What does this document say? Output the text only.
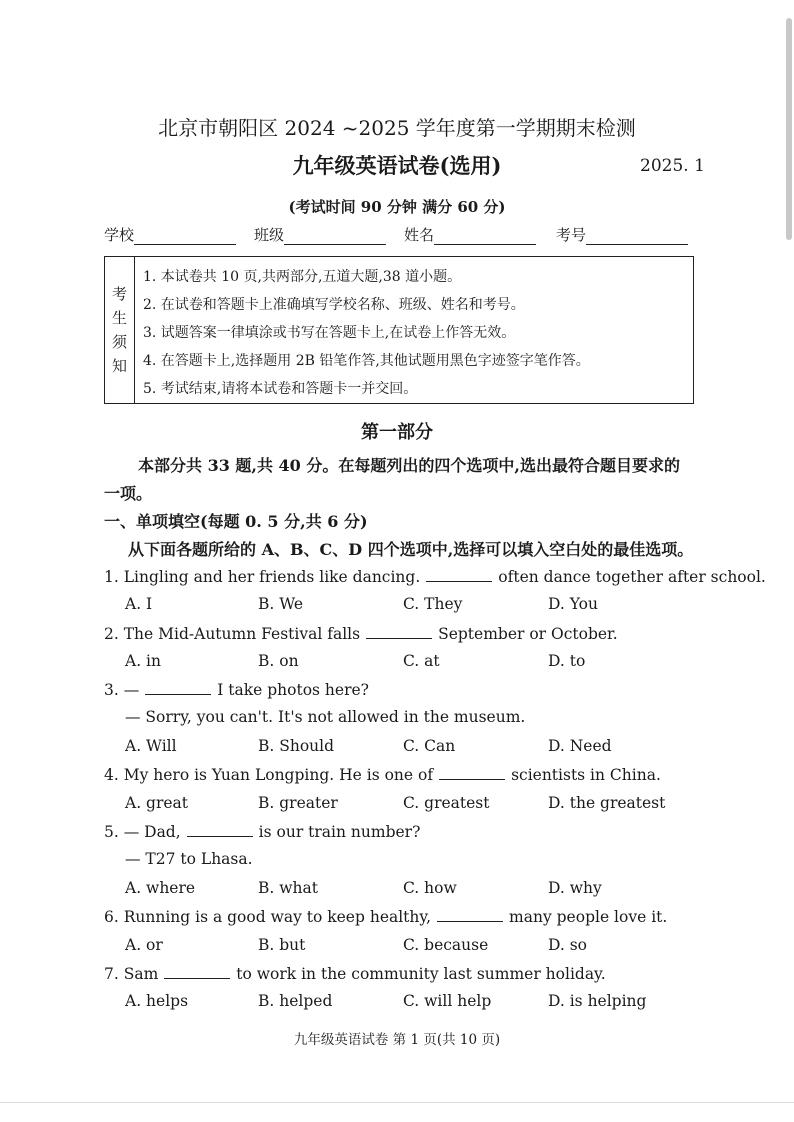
北京市朝阳区 2024 ~2025 学年度第一学期期末检测
九年级英语试卷(选用)	2025. 1
(考试时间 90 分钟 满分 60 分)
学校	班级	姓名	考号
考
生
须
知
1. 本试卷共 10 页,共两部分,五道大题,38 道小题。
2. 在试卷和答题卡上准确填写学校名称、班级、姓名和考号。
3. 试题答案一律填涂或书写在答题卡上,在试卷上作答无效。
4. 在答题卡上,选择题用 2B 铅笔作答,其他试题用黑色字迹签字笔作答。
5. 考试结束,请将本试卷和答题卡一并交回。
第一部分
本部分共 33 题,共 40 分。在每题列出的四个选项中,选出最符合题目要求的
一项。
一、单项填空(每题 0. 5 分,共 6 分)
从下面各题所给的 A、B、C、D 四个选项中,选择可以填入空白处的最佳选项。
1. Lingling and her friends like dancing.	often dance together after school.
A. I	B. We	C. They	D. You
2. The Mid-Autumn Festival falls	September or October.
A. in	B. on	C. at	D. to
3. —	I take photos here?
— Sorry, you can't. It's not allowed in the museum.
A. Will	B. Should	C. Can	D. Need
4. My hero is Yuan Longping. He is one of	scientists in China.
A. great	B. greater	C. greatest	D. the greatest
5. — Dad,	is our train number?
— T27 to Lhasa.
A. where	B. what	C. how	D. why
6. Running is a good way to keep healthy,	many people love it.
A. or	B. but	C. because	D. so
7. Sam	to work in the community last summer holiday.
A. helps	B. helped	C. will help	D. is helping
九年级英语试卷 第 1 页(共 10 页)
